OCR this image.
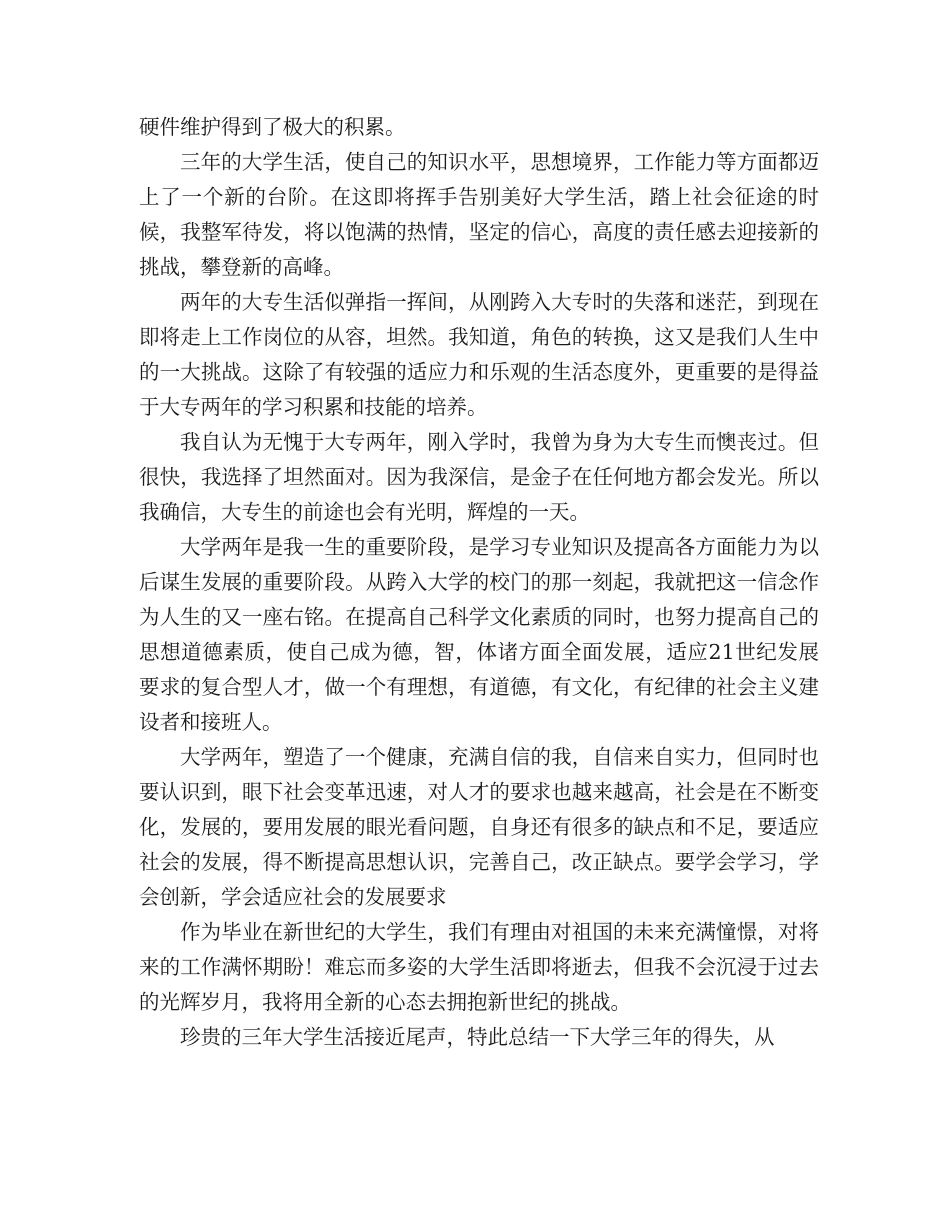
硬件维护得到了极大的积累。

三年的大学生活，使自己的知识水平，思想境界，工作能力等方面都迈上了一个新的台阶。在这即将挥手告别美好大学生活，踏上社会征途的时候，我整军待发，将以饱满的热情，坚定的信心，高度的责任感去迎接新的挑战，攀登新的高峰。

两年的大专生活似弹指一挥间，从刚跨入大专时的失落和迷茫，到现在即将走上工作岗位的从容，坦然。我知道，角色的转换，这又是我们人生中的一大挑战。这除了有较强的适应力和乐观的生活态度外，更重要的是得益于大专两年的学习积累和技能的培养。

我自认为无愧于大专两年，刚入学时，我曾为身为大专生而懊丧过。但很快，我选择了坦然面对。因为我深信，是金子在任何地方都会发光。所以我确信，大专生的前途也会有光明，辉煌的一天。

大学两年是我一生的重要阶段，是学习专业知识及提高各方面能力为以后谋生发展的重要阶段。从跨入大学的校门的那一刻起，我就把这一信念作为人生的又一座右铭。在提高自己科学文化素质的同时，也努力提高自己的思想道德素质，使自己成为德，智，体诸方面全面发展，适应21世纪发展要求的复合型人才，做一个有理想，有道德，有文化，有纪律的社会主义建设者和接班人。

大学两年，塑造了一个健康，充满自信的我，自信来自实力，但同时也要认识到，眼下社会变革迅速，对人才的要求也越来越高，社会是在不断变化，发展的，要用发展的眼光看问题，自身还有很多的缺点和不足，要适应社会的发展，得不断提高思想认识，完善自己，改正缺点。要学会学习，学会创新，学会适应社会的发展要求

作为毕业在新世纪的大学生，我们有理由对祖国的未来充满憧憬，对将来的工作满怀期盼！难忘而多姿的大学生活即将逝去，但我不会沉浸于过去的光辉岁月，我将用全新的心态去拥抱新世纪的挑战。

珍贵的三年大学生活接近尾声，特此总结一下大学三年的得失，从
